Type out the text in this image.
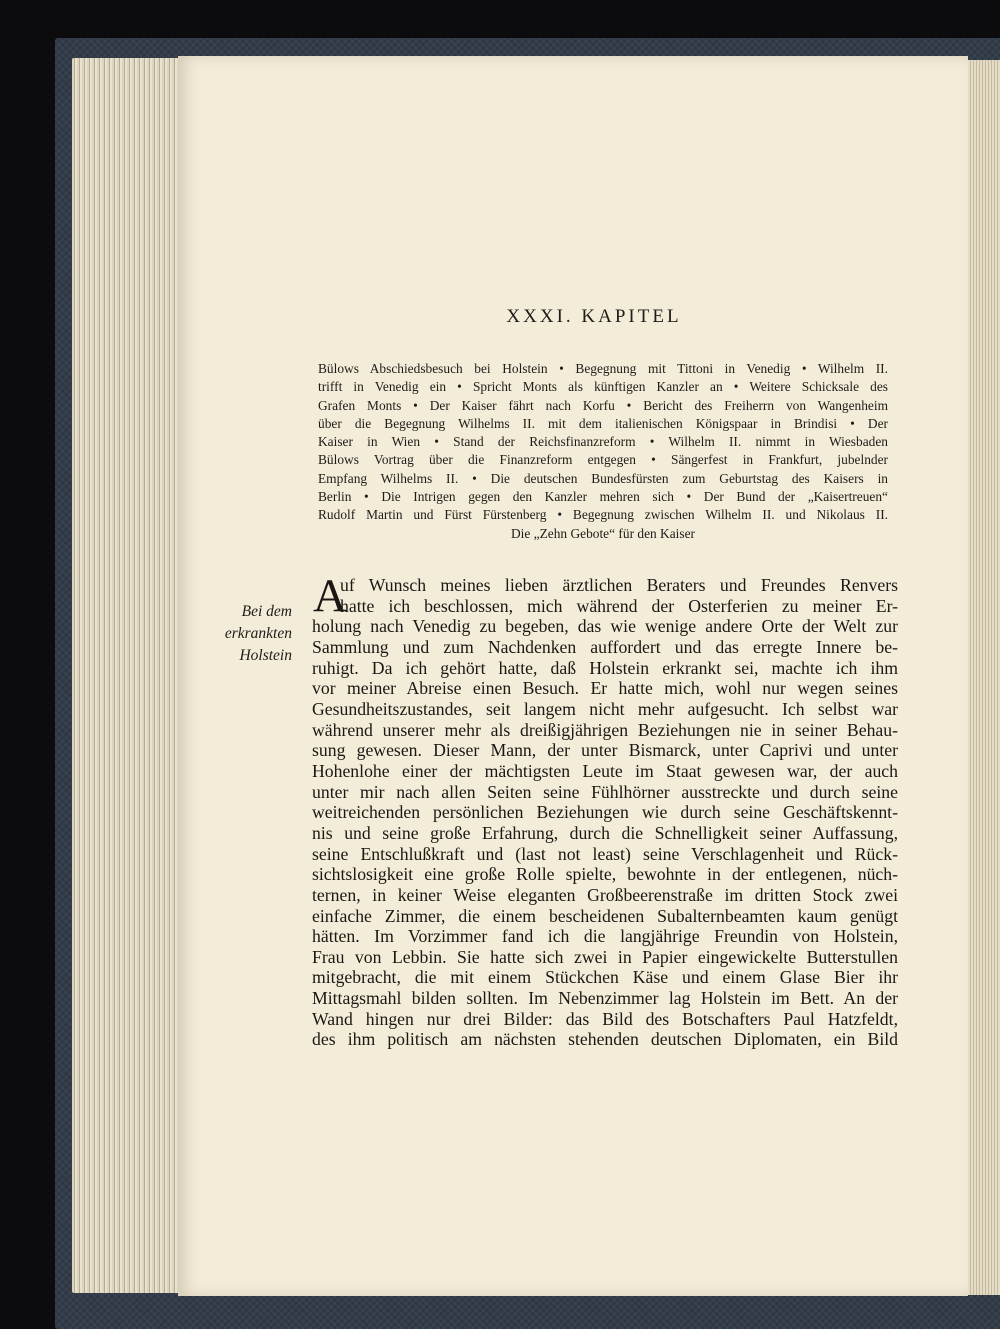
XXXI. KAPITEL

Bülows Abschiedsbesuch bei Holstein • Begegnung mit Tittoni in Venedig • Wilhelm II.

trifft in Venedig ein • Spricht Monts als künftigen Kanzler an • Weitere Schicksale des

Grafen Monts • Der Kaiser fährt nach Korfu • Bericht des Freiherrn von Wangenheim

über die Begegnung Wilhelms II. mit dem italienischen Königspaar in Brindisi • Der

Kaiser in Wien • Stand der Reichsfinanzreform • Wilhelm II. nimmt in Wiesbaden

Bülows Vortrag über die Finanzreform entgegen • Sängerfest in Frankfurt, jubelnder

Empfang Wilhelms II. • Die deutschen Bundesfürsten zum Geburtstag des Kaisers in

Berlin • Die Intrigen gegen den Kanzler mehren sich • Der Bund der „Kaisertreuen“

Rudolf Martin und Fürst Fürstenberg • Begegnung zwischen Wilhelm II. und Nikolaus II.

Die „Zehn Gebote“ für den Kaiser

Bei dem
erkrankten
Holstein
A
uf Wunsch meines lieben ärztlichen Beraters und Freundes Renvers
hatte ich beschlossen, mich während der Osterferien zu meiner Er-
holung nach Venedig zu begeben, das wie wenige andere Orte der Welt zur
Sammlung und zum Nachdenken auffordert und das erregte Innere be-
ruhigt. Da ich gehört hatte, daß Holstein erkrankt sei, machte ich ihm
vor meiner Abreise einen Besuch. Er hatte mich, wohl nur wegen seines
Gesundheitszustandes, seit langem nicht mehr aufgesucht. Ich selbst war
während unserer mehr als dreißigjährigen Beziehungen nie in seiner Behau-
sung gewesen. Dieser Mann, der unter Bismarck, unter Caprivi und unter
Hohenlohe einer der mächtigsten Leute im Staat gewesen war, der auch
unter mir nach allen Seiten seine Fühlhörner ausstreckte und durch seine
weitreichenden persönlichen Beziehungen wie durch seine Geschäftskennt-
nis und seine große Erfahrung, durch die Schnelligkeit seiner Auffassung,
seine Entschlußkraft und (last not least) seine Verschlagenheit und Rück-
sichtslosigkeit eine große Rolle spielte, bewohnte in der entlegenen, nüch-
ternen, in keiner Weise eleganten Großbeerenstraße im dritten Stock zwei
einfache Zimmer, die einem bescheidenen Subalternbeamten kaum genügt
hätten. Im Vorzimmer fand ich die langjährige Freundin von Holstein,
Frau von Lebbin. Sie hatte sich zwei in Papier eingewickelte Butterstullen
mitgebracht, die mit einem Stückchen Käse und einem Glase Bier ihr
Mittagsmahl bilden sollten. Im Nebenzimmer lag Holstein im Bett. An der
Wand hingen nur drei Bilder: das Bild des Botschafters Paul Hatzfeldt,
des ihm politisch am nächsten stehenden deutschen Diplomaten, ein Bild
